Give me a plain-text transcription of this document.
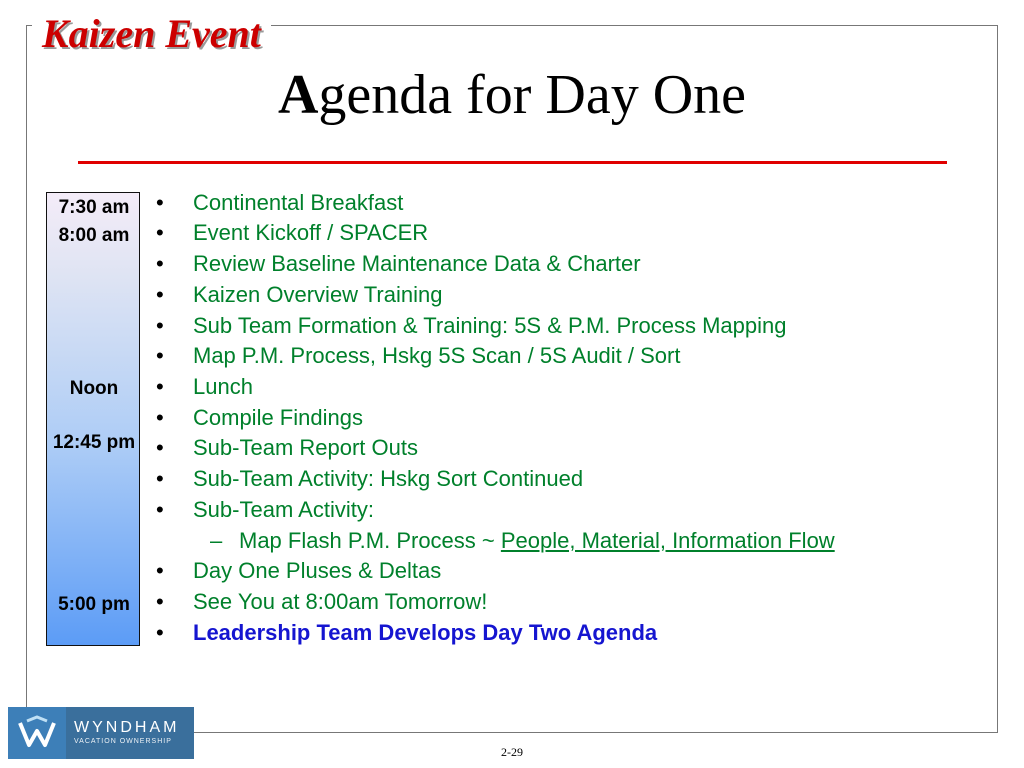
Kaizen Event
Agenda for Day One
7:30 am
8:00 am
Noon
12:45 pm
5:00 pm
• Continental Breakfast
• Event Kickoff / SPACER
• Review Baseline Maintenance Data & Charter
• Kaizen Overview Training
• Sub Team Formation & Training: 5S & P.M. Process Mapping
• Map P.M. Process, Hskg 5S Scan / 5S Audit / Sort
• Lunch
• Compile Findings
• Sub-Team Report Outs
• Sub-Team Activity: Hskg Sort Continued
• Sub-Team Activity:
– Map Flash P.M. Process ~ People, Material, Information Flow
• Day One Pluses & Deltas
• See You at 8:00am Tomorrow!
• Leadership Team Develops Day Two Agenda
WYNDHAM
VACATION OWNERSHIP
2-29
